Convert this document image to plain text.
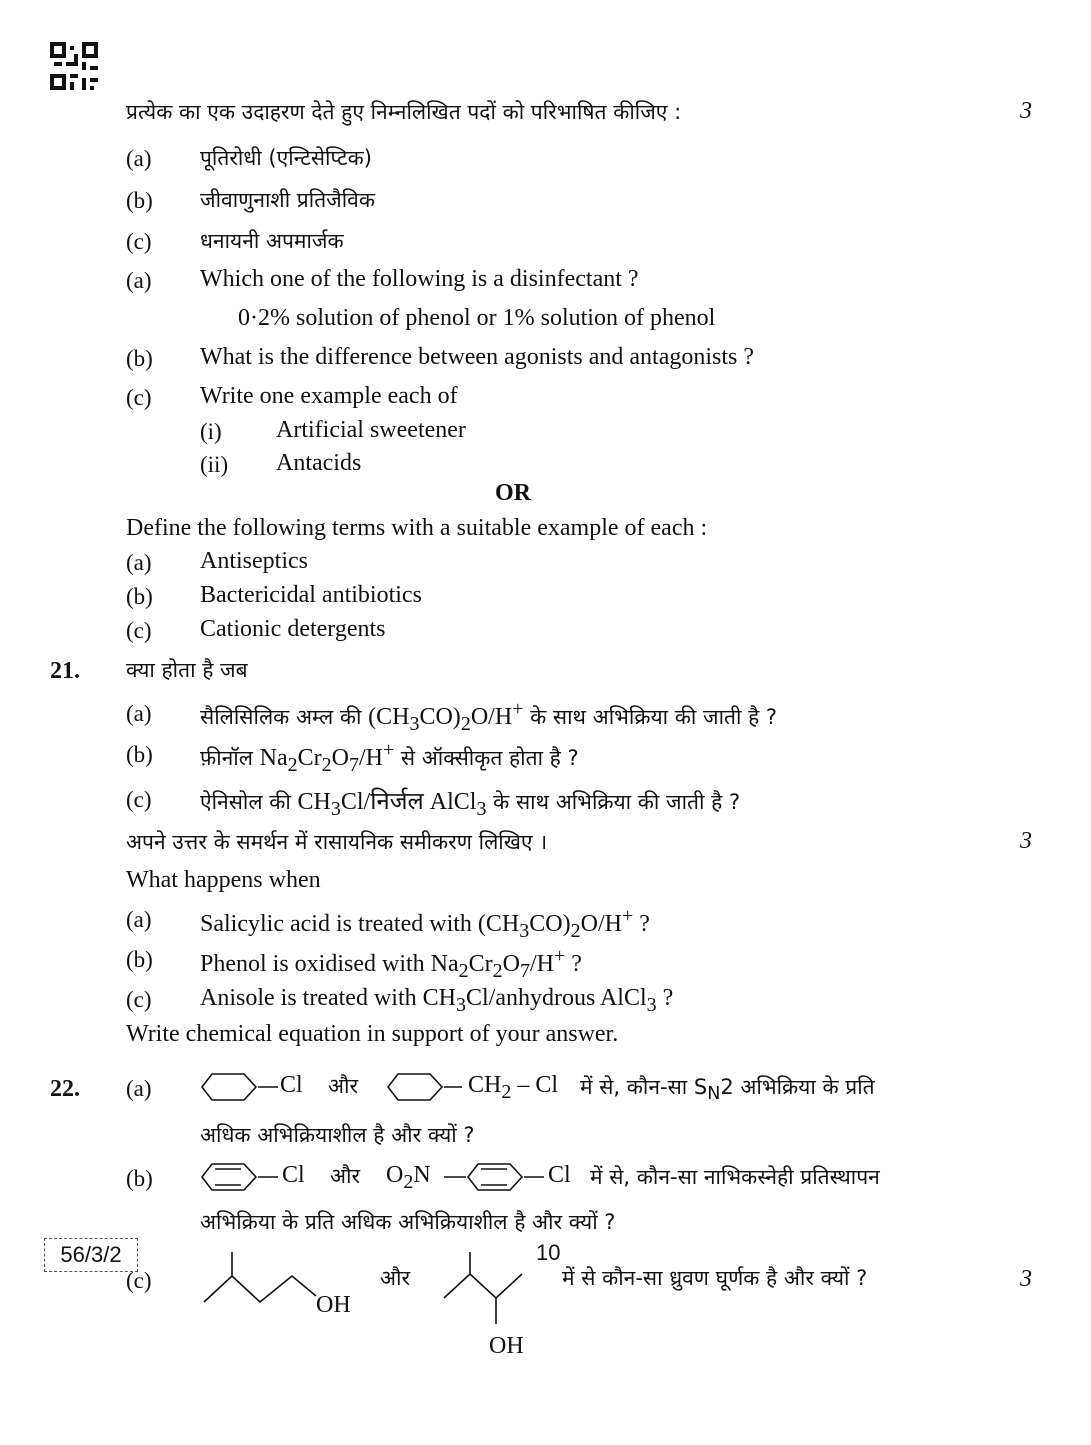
प्रत्येक का एक उदाहरण देते हुए निम्नलिखित पदों को परिभाषित कीजिए :	3
(a) पूतिरोधी (एन्टिसेप्टिक)
(b) जीवाणुनाशी प्रतिजैविक
(c) धनायनी अपमार्जक
(a) Which one of the following is a disinfectant ?
0·2% solution of phenol or 1% solution of phenol
(b) What is the difference between agonists and antagonists ?
(c) Write one example each of
(i) Artificial sweetener
(ii) Antacids
OR
Define the following terms with a suitable example of each :
(a) Antiseptics
(b) Bactericidal antibiotics
(c) Cationic detergents
21. क्या होता है जब
(a) सैलिसिलिक अम्ल की $(CH_3CO)_2O/H^+$ के साथ अभिक्रिया की जाती है ?
(b) फ़ीनॉल $Na_2Cr_2O_7/H^+$ से ऑक्सीकृत होता है ?
(c) ऐनिसोल की $CH_3Cl/निर्जल$ AlCl$_3$ के साथ अभिक्रिया की जाती है ?
अपने उत्तर के समर्थन में रासायनिक समीकरण लिखिए ।	3
What happens when
(a) Salicylic acid is treated with $(CH_3CO)_2O/H^+$ ?
(b) Phenol is oxidised with $Na_2Cr_2O_7/H^+$ ?
(c) Anisole is treated with $CH_3Cl$/anhydrous AlCl$_3$ ?
Write chemical equation in support of your answer.
22. (a)	Cl और	$CH_2$ – Cl में से, कौन-सा $S_N2$ अभिक्रिया के प्रति
अधिक अभिक्रियाशील है और क्यों ?
(b)	Cl और $O_2N$	Cl में से, कौन-सा नाभिकस्नेही प्रतिस्थापन
अभिक्रिया के प्रति अधिक अभिक्रियाशील है और क्यों ?
(c)
OH
और
OH
में से कौन-सा ध्रुवण घूर्णक है और क्यों ?	3
56/3/2	10
